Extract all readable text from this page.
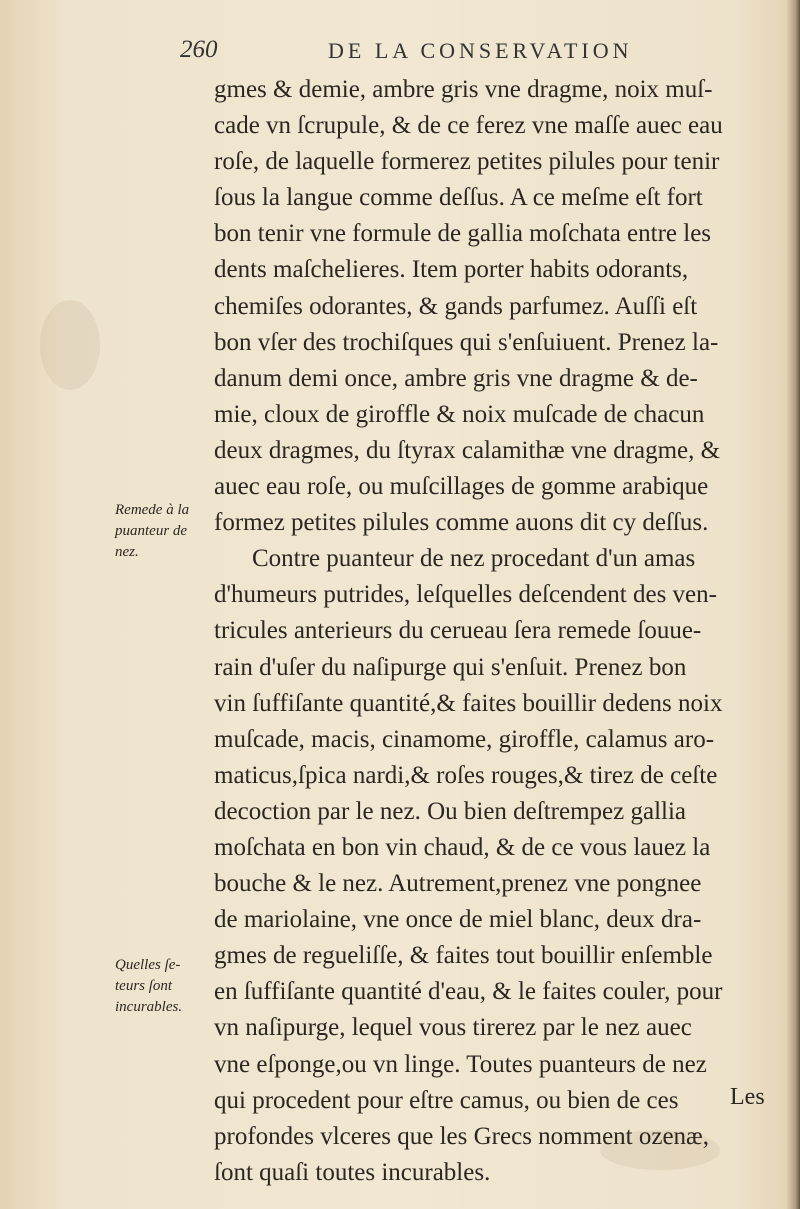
260	DE LA CONSERVATION
gmes & demie, ambre gris vne dragme, noix muſ-
cade vn ſcrupule, & de ce ferez vne maſſe auec eau
roſe, de laquelle formerez petites pilules pour tenir
ſous la langue comme deſſus. A ce meſme eſt fort
bon tenir vne formule de gallia moſchata entre les
dents maſchelieres. Item porter habits odorants,
chemiſes odorantes, & gands parfumez. Auſſi eſt
bon vſer des trochiſques qui s'enſuiuent. Prenez la-
danum demi once, ambre gris vne dragme & de-
mie, cloux de giroffle & noix muſcade de chacun
deux dragmes, du ſtyrax calamithæ vne dragme, &
auec eau roſe, ou muſcillages de gomme arabique
formez petites pilules comme auons dit cy deſſus.
Contre puanteur de nez procedant d'un amas
d'humeurs putrides, leſquelles deſcendent des ven-
tricules anterieurs du cerueau ſera remede ſouue-
rain d'uſer du naſipurge qui s'enſuit. Prenez bon
vin ſuffiſante quantité,& faites bouillir dedens noix
muſcade, macis, cinamome, giroffle, calamus aro-
maticus,ſpica nardi,& roſes rouges,& tirez de ceſte
decoction par le nez. Ou bien deſtrempez gallia
moſchata en bon vin chaud, & de ce vous lauez la
bouche & le nez. Autrement,prenez vne pongnee
de mariolaine, vne once de miel blanc, deux dra-
gmes de regueliſſe, & faites tout bouillir enſemble
en ſuffiſante quantité d'eau, & le faites couler, pour
vn naſipurge, lequel vous tirerez par le nez auec
vne eſponge,ou vn linge. Toutes puanteurs de nez
qui procedent pour eſtre camus, ou bien de ces
profondes vlceres que les Grecs nomment ozenæ,
ſont quaſi toutes incurables.
Remede à la
puanteur de
nez.
Quelles ſe-
teurs ſont
incurables.
Les
